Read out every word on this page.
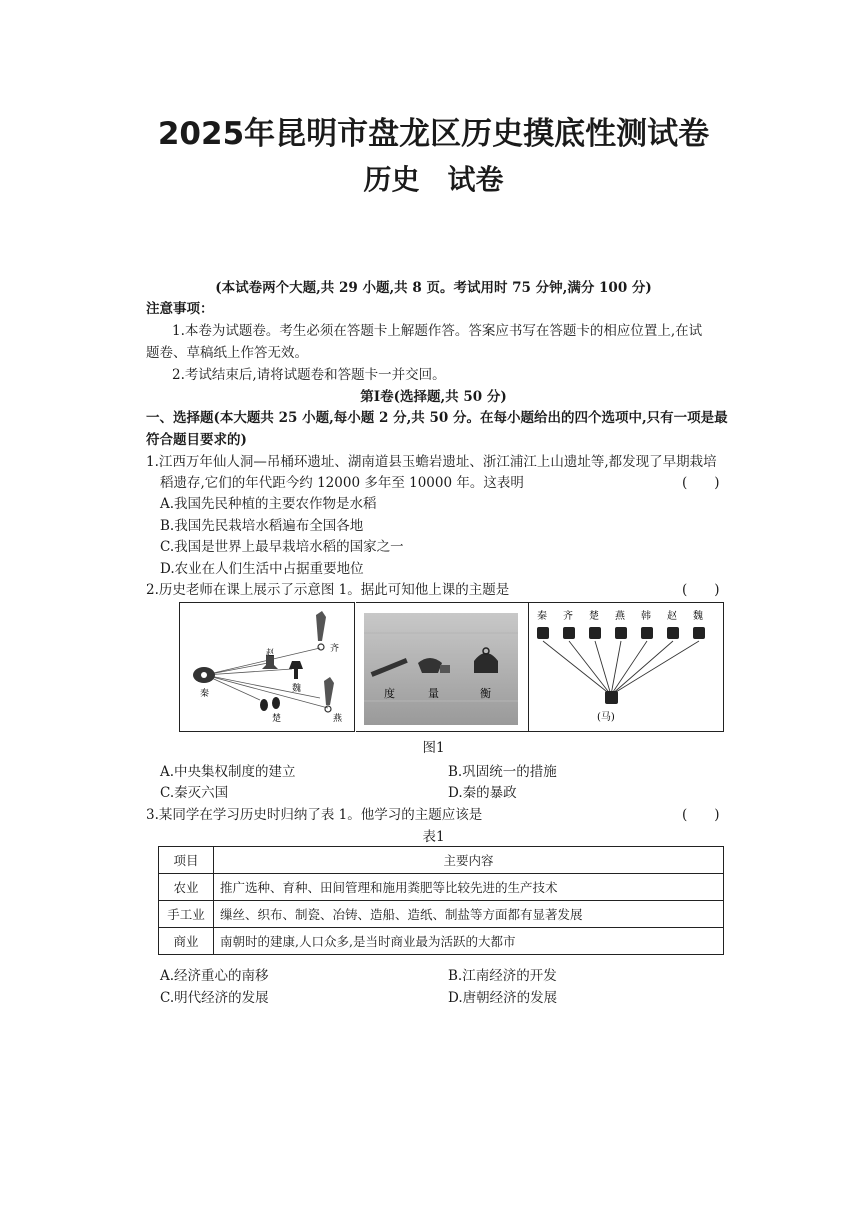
2025年昆明市盘龙区历史摸底性测试卷
历史　试卷
(本试卷两个大题,共 29 小题,共 8 页。考试用时 75 分钟,满分 100 分)
注意事项：
1.本卷为试题卷。考生必须在答题卡上解题作答。答案应书写在答题卡的相应位置上,在试
题卷、草稿纸上作答无效。
2.考试结束后,请将试题卷和答题卡一并交回。
第Ⅰ卷(选择题,共 50 分)
一、选择题(本大题共 25 小题,每小题 2 分,共 50 分。在每小题给出的四个选项中,只有一项是最
符合题目要求的)
1.江西万年仙人洞—吊桶环遗址、湖南道县玉蟾岩遗址、浙江浦江上山遗址等,都发现了早期栽培
稻遗存,它们的年代距今约 12000 多年至 10000 年。这表明	(　　)
A.我国先民种植的主要农作物是水稻
B.我国先民栽培水稻遍布全国各地
C.我国是世界上最早栽培水稻的国家之一
D.农业在人们生活中占据重要地位
2.历史老师在课上展示了示意图 1。据此可知他上课的主题是	(　　)
秦
赵
魏
齐
楚	燕
度	量	衡
秦 齐 楚 燕 韩 赵 魏
(马)
图1
A.中央集权制度的建立	B.巩固统一的措施
C.秦灭六国	D.秦的暴政
3.某同学在学习历史时归纳了表 1。他学习的主题应该是	(　　)
表1
项目	主要内容
农业	推广选种、育种、田间管理和施用粪肥等比较先进的生产技术
手工业	缫丝、织布、制瓷、冶铸、造船、造纸、制盐等方面都有显著发展
商业	南朝时的建康,人口众多,是当时商业最为活跃的大都市
A.经济重心的南移	B.江南经济的开发
C.明代经济的发展	D.唐朝经济的发展
